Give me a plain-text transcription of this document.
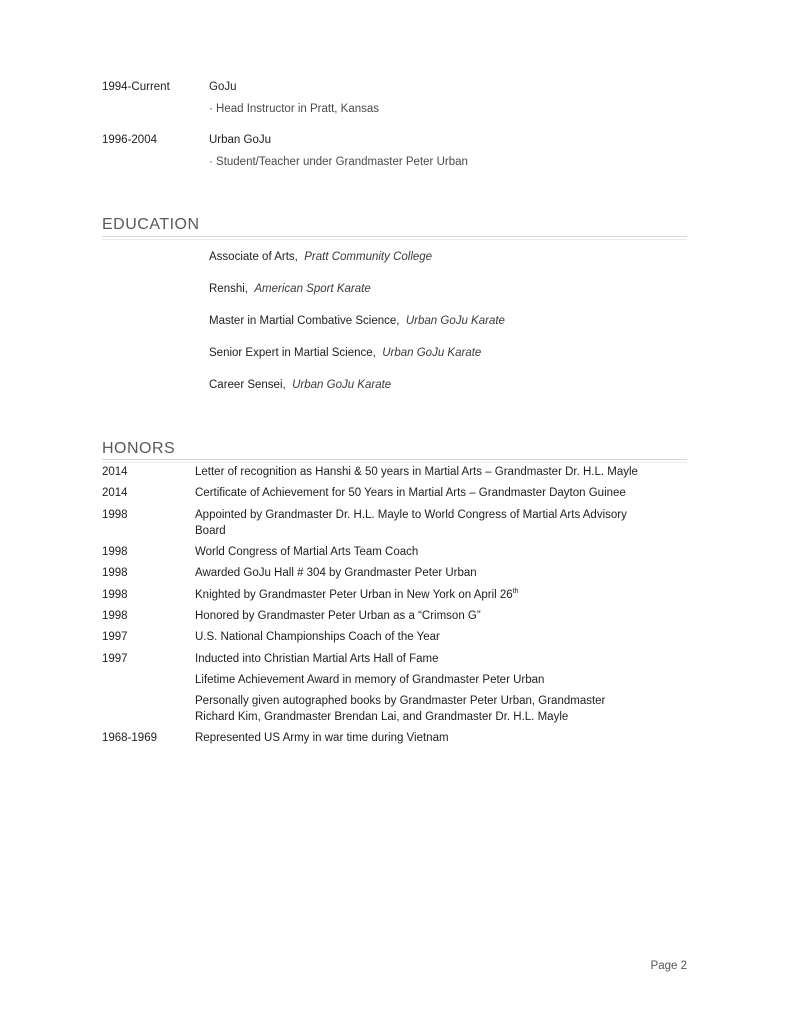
1994-Current	GoJu
· Head Instructor in Pratt, Kansas
1996-2004	Urban GoJu
· Student/Teacher under Grandmaster Peter Urban
EDUCATION
Associate of Arts, Pratt Community College
Renshi, American Sport Karate
Master in Martial Combative Science, Urban GoJu Karate
Senior Expert in Martial Science, Urban GoJu Karate
Career Sensei, Urban GoJu Karate
HONORS
2014	Letter of recognition as Hanshi & 50 years in Martial Arts – Grandmaster Dr. H.L. Mayle
2014	Certificate of Achievement for 50 Years in Martial Arts – Grandmaster Dayton Guinee
1998	Appointed by Grandmaster Dr. H.L. Mayle to World Congress of Martial Arts Advisory Board
1998	World Congress of Martial Arts Team Coach
1998	Awarded GoJu Hall # 304 by Grandmaster Peter Urban
1998	Knighted by Grandmaster Peter Urban in New York on April 26th
1998	Honored by Grandmaster Peter Urban as a “Crimson G”
1997	U.S. National Championships Coach of the Year
1997	Inducted into Christian Martial Arts Hall of Fame
Lifetime Achievement Award in memory of Grandmaster Peter Urban
Personally given autographed books by Grandmaster Peter Urban, Grandmaster Richard Kim, Grandmaster Brendan Lai, and Grandmaster Dr. H.L. Mayle
1968-1969	Represented US Army in war time during Vietnam
Page 2
